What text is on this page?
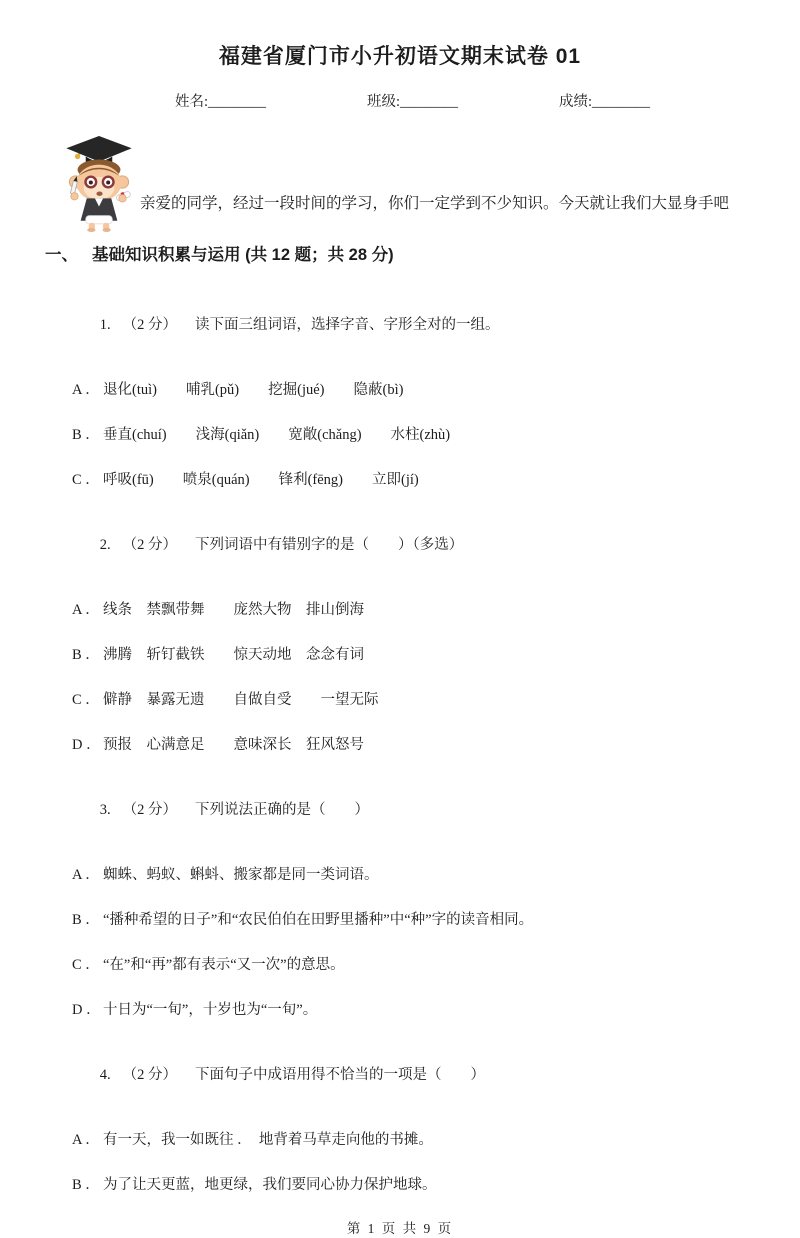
福建省厦门市小升初语文期末试卷 01
姓名:________	班级:________	成绩:________
亲爱的同学，经过一段时间的学习，你们一定学到不少知识。今天就让我们大显身手吧
一、 基础知识积累与运用 (共 12 题；共 28 分)

1. （2 分） 读下面三组词语，选择字音、字形全对的一组。

A ． 退化(tuì)　　哺乳(pǔ)　　挖掘(jué)　　隐蔽(bì)

B ． 垂直(chuí)　　浅海(qiǎn)　　宽敞(chǎng)　　水柱(zhù)

C ． 呼吸(fū)　　喷泉(quán)　　锋利(fēng)　　立即(jí)

2. （2 分） 下列词语中有错别字的是（　　）（多选）

A ． 线条　禁飘带舞　　庞然大物　排山倒海

B ． 沸腾　斩钉截铁　　惊天动地　念念有词

C ． 僻静　暴露无遗　　自做自受　　一望无际

D ． 预报　心满意足　　意味深长　狂风怒号

3. （2 分） 下列说法正确的是（　　）

A ． 蜘蛛、蚂蚁、蝌蚪、搬家都是同一类词语。

B ． “播种希望的日子”和“农民伯伯在田野里播种”中“种”字的读音相同。

C ． “在”和“再”都有表示“又一次”的意思。

D ． 十日为“一旬”，十岁也为“一旬”。

4. （2 分） 下面句子中成语用得不恰当的一项是（　　）

A ． 有一天，我一如既往 ．  地背着马草走向他的书摊。

B ． 为了让天更蓝，地更绿，我们要同心协力保护地球。

第 1 页 共 9 页
